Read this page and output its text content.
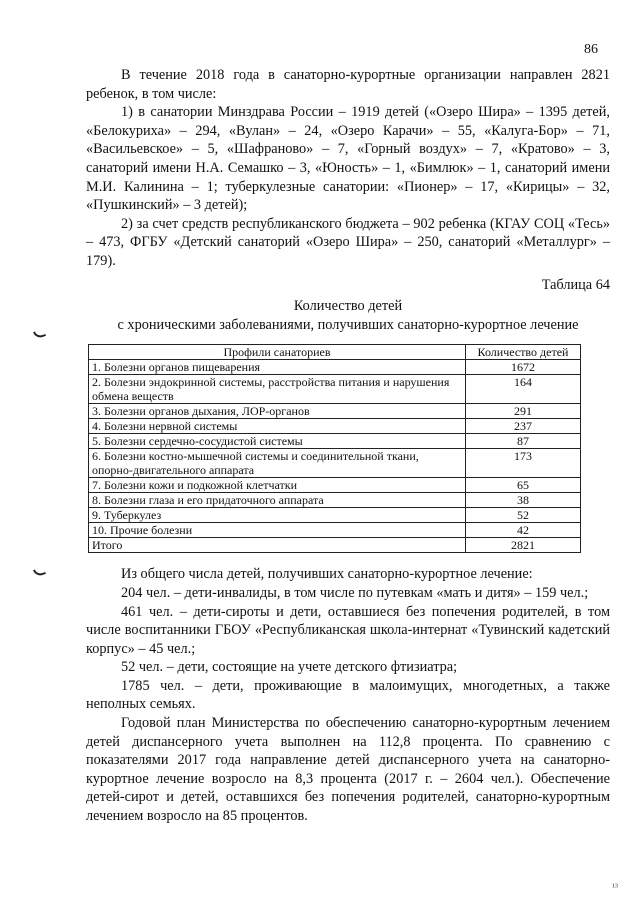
86

В течение 2018 года в санаторно-курортные организации направлен 2821 ребенок, в том числе:

1) в санатории Минздрава России – 1919 детей («Озеро Шира» – 1395 детей, «Белокуриха» – 294, «Вулан» – 24, «Озеро Карачи» – 55, «Калуга-Бор» – 71, «Васильевское» – 5, «Шафраново» – 7, «Горный воздух» – 7, «Кратово» – 3, санаторий имени Н.А. Семашко – 3, «Юность» – 1, «Бимлюк» – 1, санаторий имени М.И. Калинина – 1; туберкулезные санатории: «Пионер» – 17, «Кирицы» – 32, «Пушкинский» – 3 детей);

2) за счет средств республиканского бюджета – 902 ребенка (КГАУ СОЦ «Тесь» – 473, ФГБУ «Детский санаторий «Озеро Шира» – 250, санаторий «Металлург» – 179).

Таблица 64

Количество детей

с хроническими заболеваниями, получивших санаторно-курортное лечение

Профили санаториев	Количество детей
1. Болезни органов пищеварения	1672
2. Болезни эндокринной системы, расстройства питания и нарушения обмена веществ	164
3. Болезни органов дыхания, ЛОР-органов	291
4. Болезни нервной системы	237
5. Болезни сердечно-сосудистой системы	87
6. Болезни костно-мышечной системы и соединительной ткани, опорно-двигательного аппарата	173
7. Болезни кожи и подкожной клетчатки	65
8. Болезни глаза и его придаточного аппарата	38
9. Туберкулез	52
10. Прочие болезни	42
Итого	2821

Из общего числа детей, получивших санаторно-курортное лечение:

204 чел. – дети-инвалиды, в том числе по путевкам «мать и дитя» – 159 чел.;

461 чел. – дети-сироты и дети, оставшиеся без попечения родителей, в том числе воспитанники ГБОУ «Республиканская школа-интернат «Тувинский кадетский корпус» – 45 чел.;

52 чел. – дети, состоящие на учете детского фтизиатра;

1785 чел. – дети, проживающие в малоимущих, многодетных, а также неполных семьях.

Годовой план Министерства по обеспечению санаторно-курортным лечением детей диспансерного учета выполнен на 112,8 процента. По сравнению с показателями 2017 года направление детей диспансерного учета на санаторно-курортное лечение возросло на 8,3 процента (2017 г. – 2604 чел.). Обеспечение детей-сирот и детей, оставшихся без попечения родителей, санаторно-курортным лечением возросло на 85 процентов.

¹³
